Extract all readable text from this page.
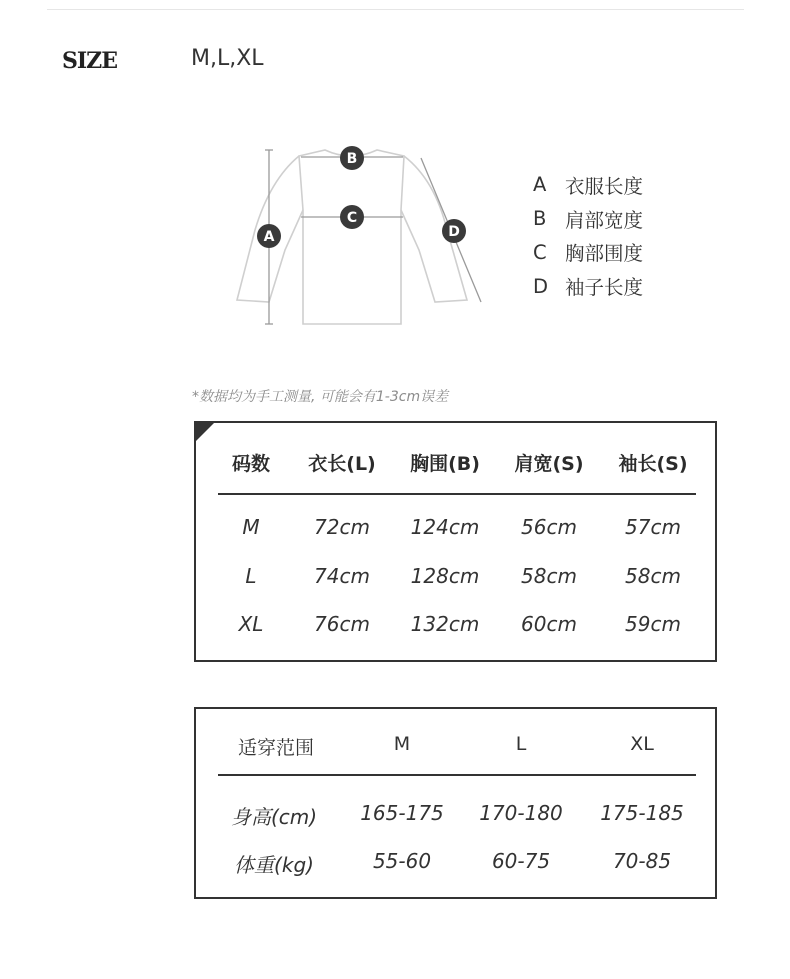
SIZE	M,L,XL
A
B
C
D
A 衣服长度
B 肩部宽度
C 胸部围度
D 袖子长度
*数据均为手工测量, 可能会有1-3cm误差
码数 衣长(L) 胸围(B) 肩宽(S) 袖长(S)
M	72cm 124cm 56cm 57cm
L	74cm 128cm 58cm 58cm
XL	76cm 132cm 60cm 59cm
适穿范围	M	L	XL
身高(cm) 165-175 170-180 175-185
体重(kg)	55-60	60-75	70-85
